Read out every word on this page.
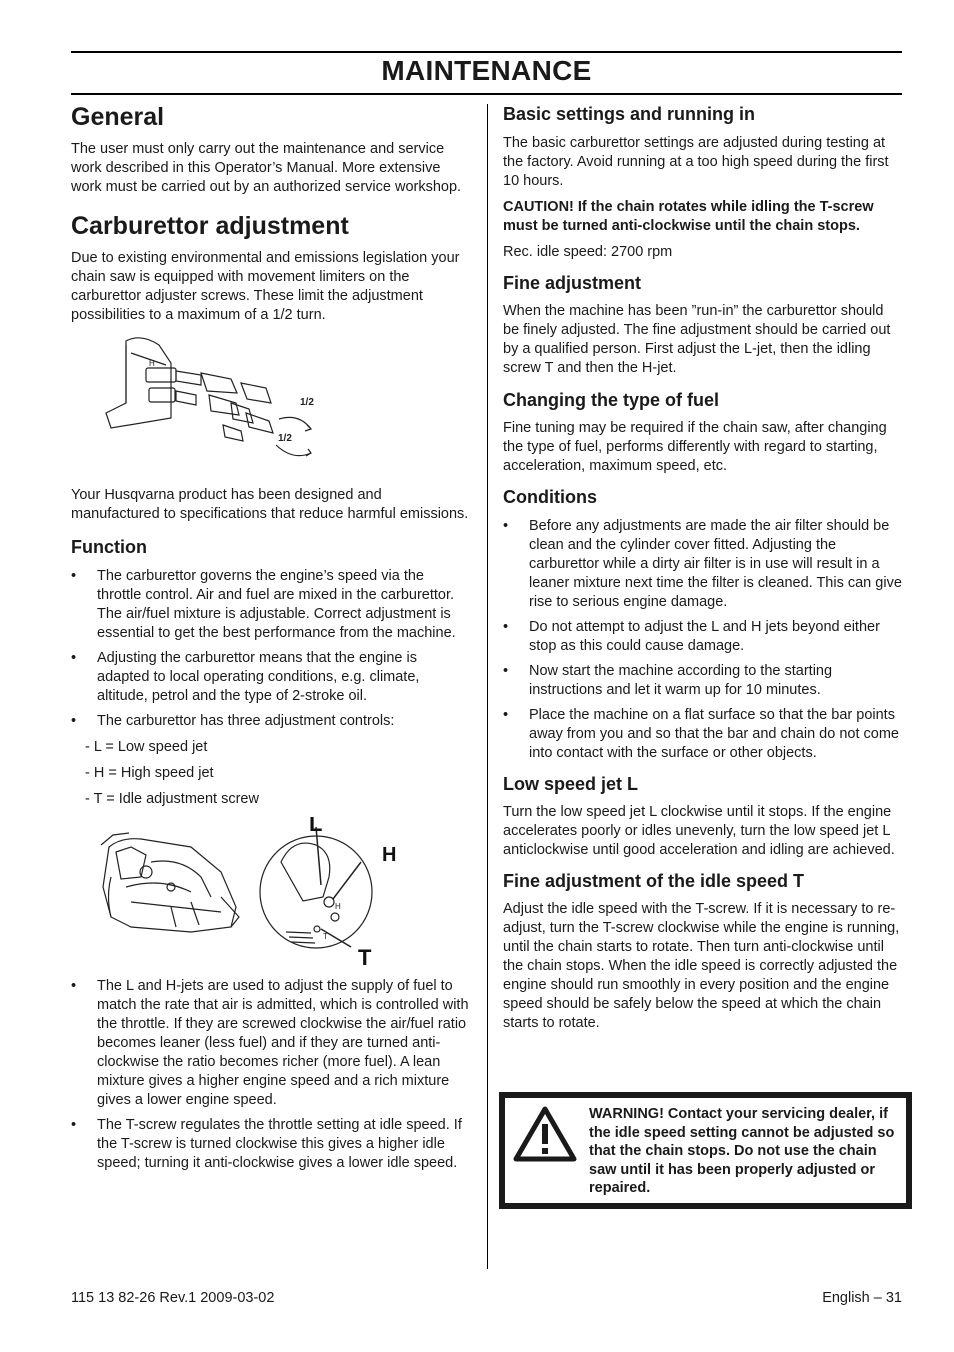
MAINTENANCE
General

The user must only carry out the maintenance and service work described in this Operator’s Manual. More extensive work must be carried out by an authorized service workshop.

Carburettor adjustment

Due to existing environmental and emissions legislation your chain saw is equipped with movement limiters on the carburettor adjuster screws. These limit the adjustment possibilities to a maximum of a 1/2 turn.

H
1/2
1/2

Your Husqvarna product has been designed and manufactured to specifications that reduce harmful emissions.

Function
• The carburettor governs the engine’s speed via the throttle control. Air and fuel are mixed in the carburettor. The air/fuel mixture is adjustable. Correct adjustment is essential to get the best performance from the machine.
• Adjusting the carburettor means that the engine is adapted to local operating conditions, e.g. climate, altitude, petrol and the type of 2-stroke oil.
• The carburettor has three adjustment controls:
- L = Low speed jet
- H = High speed jet
- T = Idle adjustment screw
L
H
T
H
T
• The L and H-jets are used to adjust the supply of fuel to match the rate that air is admitted, which is controlled with the throttle. If they are screwed clockwise the air/fuel ratio becomes leaner (less fuel) and if they are turned anti-clockwise the ratio becomes richer (more fuel). A lean mixture gives a higher engine speed and a rich mixture gives a lower engine speed.
• The T-screw regulates the throttle setting at idle speed. If the T-screw is turned clockwise this gives a higher idle speed; turning it anti-clockwise gives a lower idle speed.
Basic settings and running in

The basic carburettor settings are adjusted during testing at the factory. Avoid running at a too high speed during the first 10 hours.

CAUTION! If the chain rotates while idling the T-screw must be turned anti-clockwise until the chain stops.

Rec. idle speed: 2700 rpm

Fine adjustment

When the machine has been ”run-in” the carburettor should be finely adjusted. The fine adjustment should be carried out by a qualified person. First adjust the L-jet, then the idling screw T and then the H-jet.

Changing the type of fuel

Fine tuning may be required if the chain saw, after changing the type of fuel, performs differently with regard to starting, acceleration, maximum speed, etc.

Conditions
• Before any adjustments are made the air filter should be clean and the cylinder cover fitted. Adjusting the carburettor while a dirty air filter is in use will result in a leaner mixture next time the filter is cleaned. This can give rise to serious engine damage.
• Do not attempt to adjust the L and H jets beyond either stop as this could cause damage.
• Now start the machine according to the starting instructions and let it warm up for 10 minutes.
• Place the machine on a flat surface so that the bar points away from you and so that the bar and chain do not come into contact with the surface or other objects.
Low speed jet L

Turn the low speed jet L clockwise until it stops. If the engine accelerates poorly or idles unevenly, turn the low speed jet L anticlockwise until good acceleration and idling are achieved.

Fine adjustment of the idle speed T

Adjust the idle speed with the T-screw. If it is necessary to re-adjust, turn the T-screw clockwise while the engine is running, until the chain starts to rotate. Then turn anti-clockwise until the chain stops. When the idle speed is correctly adjusted the engine should run smoothly in every position and the engine speed should be safely below the speed at which the chain starts to rotate.

WARNING! Contact your servicing dealer, if the idle speed setting cannot be adjusted so that the chain stops. Do not use the chain saw until it has been properly adjusted or repaired.
115 13 82-26 Rev.1 2009-03-02	English – 31
